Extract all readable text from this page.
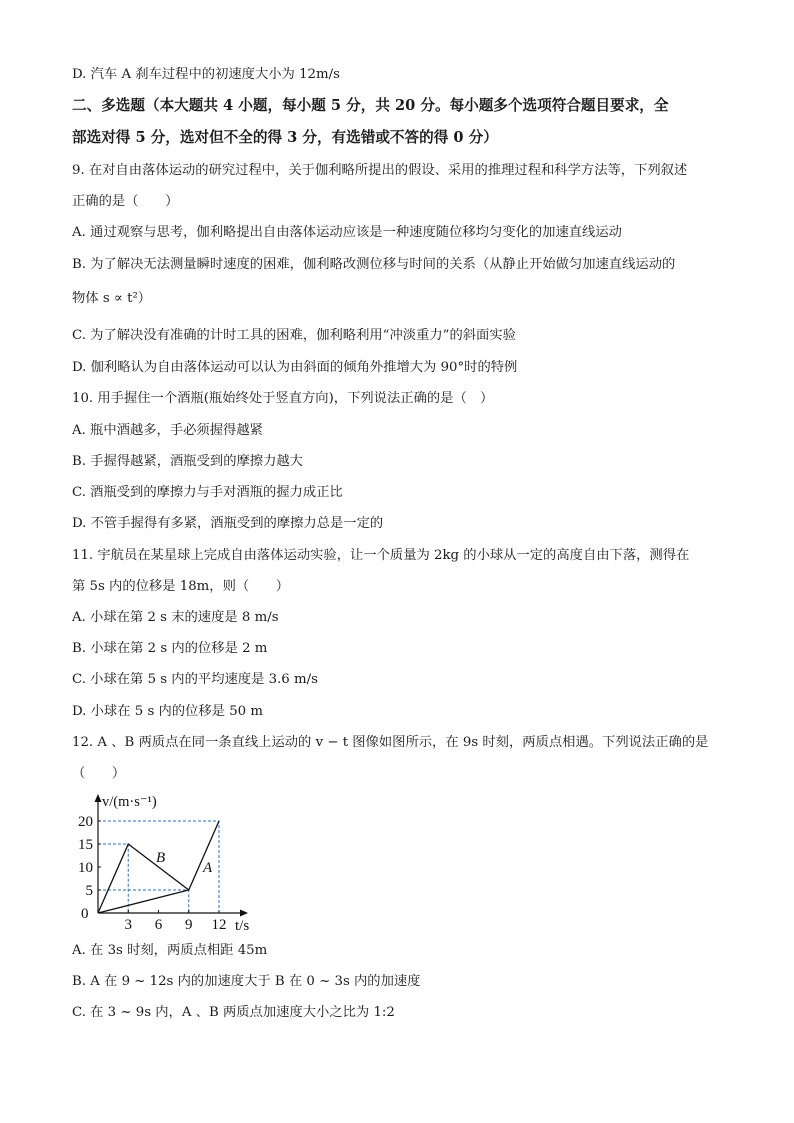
D. 汽车 A 刹车过程中的初速度大小为 12m/s
二、多选题（本大题共 4 小题，每小题 5 分，共 20 分。每小题多个选项符合题目要求，全
部选对得 5 分，选对但不全的得 3 分，有选错或不答的得 0 分）
9. 在对自由落体运动的研究过程中，关于伽利略所提出的假设、采用的推理过程和科学方法等，下列叙述
正确的是（　　）
A. 通过观察与思考，伽利略提出自由落体运动应该是一种速度随位移均匀变化的加速直线运动
B. 为了解决无法测量瞬时速度的困难，伽利略改测位移与时间的关系（从静止开始做匀加速直线运动的
物体 s ∝ t²）
C. 为了解决没有准确的计时工具的困难，伽利略利用“冲淡重力”的斜面实验
D. 伽利略认为自由落体运动可以认为由斜面的倾角外推增大为 90°时的特例
10. 用手握住一个酒瓶(瓶始终处于竖直方向)，下列说法正确的是（　）
A. 瓶中酒越多，手必须握得越紧
B. 手握得越紧，酒瓶受到的摩擦力越大
C. 酒瓶受到的摩擦力与手对酒瓶的握力成正比
D. 不管手握得有多紧，酒瓶受到的摩擦力总是一定的
11. 宇航员在某星球上完成自由落体运动实验，让一个质量为 2kg 的小球从一定的高度自由下落，测得在
第 5s 内的位移是 18m，则（　　）
A. 小球在第 2 s 末的速度是 8 m/s
B. 小球在第 2 s 内的位移是 2 m
C. 小球在第 5 s 内的平均速度是 3.6 m/s
D. 小球在 5 s 内的位移是 50 m
12. A 、B 两质点在同一条直线上运动的 v − t 图像如图所示，在 9s 时刻，两质点相遇。下列说法正确的是
（　　）
A. 在 3s 时刻，两质点相距 45m
B. A 在 9 ~ 12s 内的加速度大于 B 在 0 ~ 3s 内的加速度
C. 在 3 ~ 9s 内，A 、B 两质点加速度大小之比为 1:2
3 6 9 12
5
10
15
20
v/(m·s⁻¹)
t/s
0
B
A
